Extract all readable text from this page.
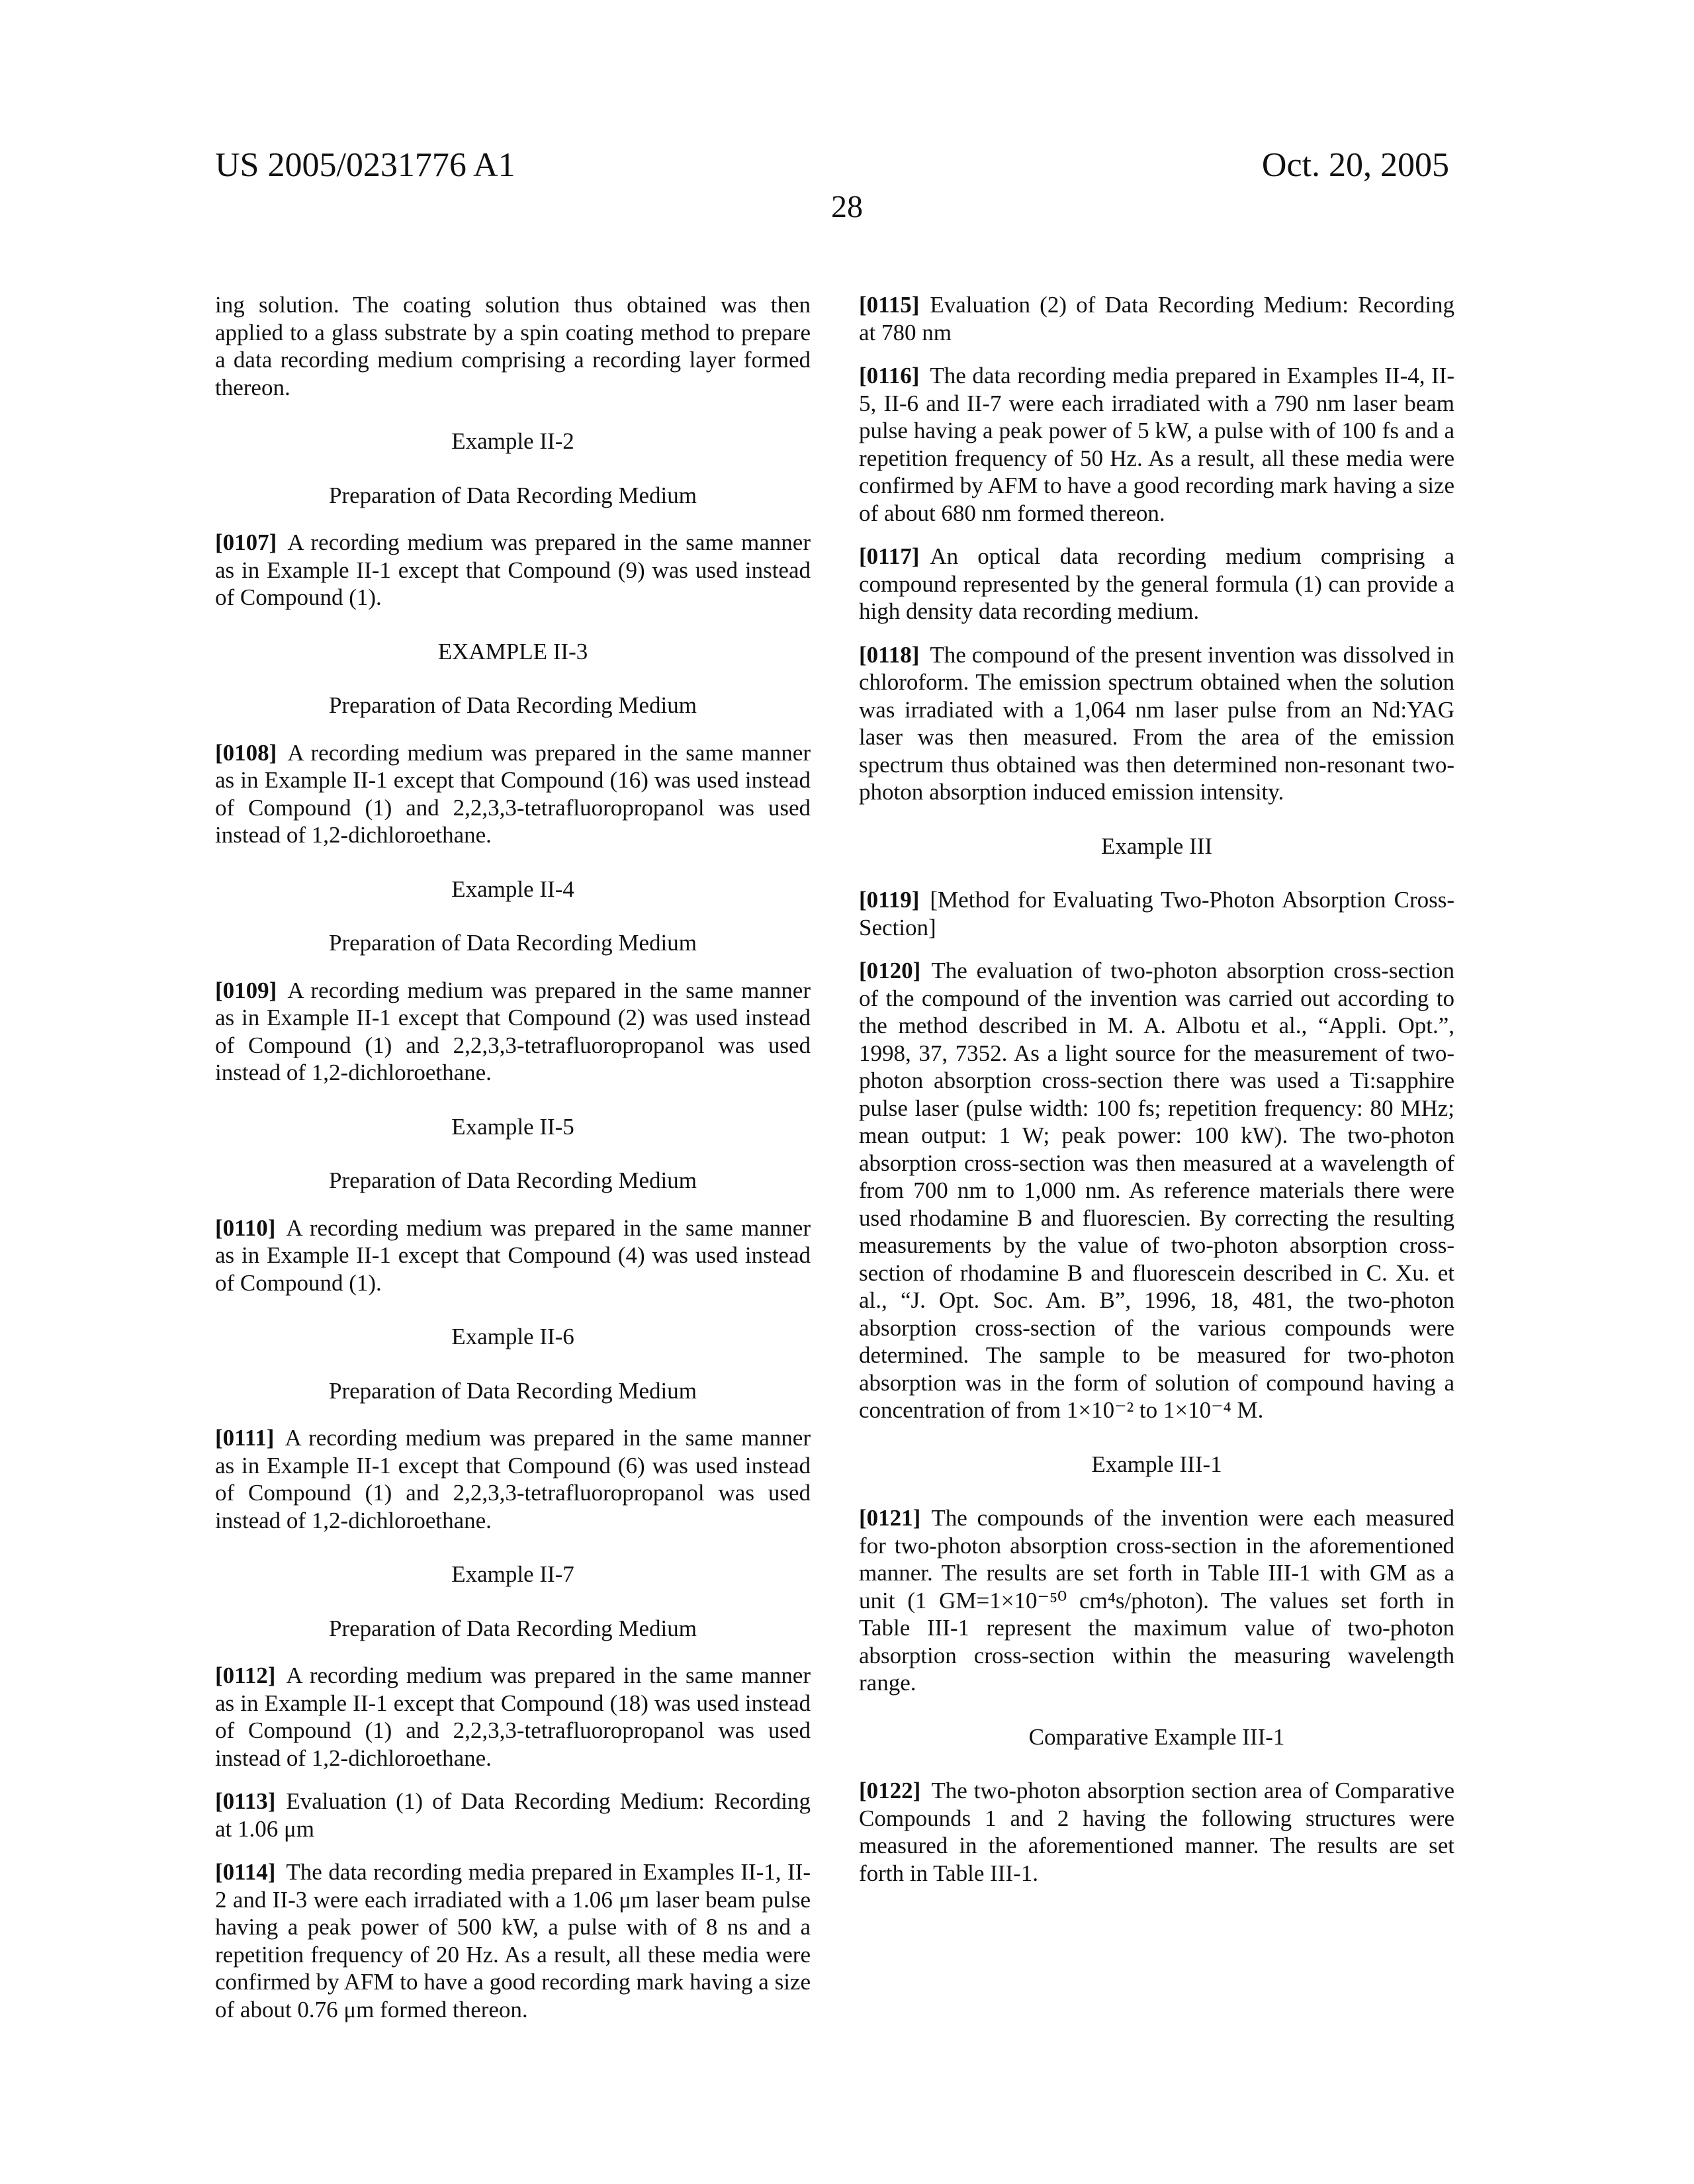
US 2005/0231776 A1	Oct. 20, 2005
28

ing solution. The coating solution thus obtained was then applied to a glass substrate by a spin coating method to prepare a data recording medium comprising a recording layer formed thereon.

Example II-2
Preparation of Data Recording Medium

[0107] A recording medium was prepared in the same manner as in Example II-1 except that Compound (9) was used instead of Compound (1).

EXAMPLE II-3
Preparation of Data Recording Medium

[0108] A recording medium was prepared in the same manner as in Example II-1 except that Compound (16) was used instead of Compound (1) and 2,2,3,3-tetrafluoropropanol was used instead of 1,2-dichloroethane.

Example II-4
Preparation of Data Recording Medium

[0109] A recording medium was prepared in the same manner as in Example II-1 except that Compound (2) was used instead of Compound (1) and 2,2,3,3-tetrafluoropropanol was used instead of 1,2-dichloroethane.

Example II-5
Preparation of Data Recording Medium

[0110] A recording medium was prepared in the same manner as in Example II-1 except that Compound (4) was used instead of Compound (1).

Example II-6
Preparation of Data Recording Medium

[0111] A recording medium was prepared in the same manner as in Example II-1 except that Compound (6) was used instead of Compound (1) and 2,2,3,3-tetrafluoropropanol was used instead of 1,2-dichloroethane.

Example II-7
Preparation of Data Recording Medium

[0112] A recording medium was prepared in the same manner as in Example II-1 except that Compound (18) was used instead of Compound (1) and 2,2,3,3-tetrafluoropropanol was used instead of 1,2-dichloroethane.

[0113] Evaluation (1) of Data Recording Medium: Recording at 1.06 μm

[0114] The data recording media prepared in Examples II-1, II-2 and II-3 were each irradiated with a 1.06 μm laser beam pulse having a peak power of 500 kW, a pulse with of 8 ns and a repetition frequency of 20 Hz. As a result, all these media were confirmed by AFM to have a good recording mark having a size of about 0.76 μm formed thereon.

[0115] Evaluation (2) of Data Recording Medium: Recording at 780 nm

[0116] The data recording media prepared in Examples II-4, II-5, II-6 and II-7 were each irradiated with a 790 nm laser beam pulse having a peak power of 5 kW, a pulse with of 100 fs and a repetition frequency of 50 Hz. As a result, all these media were confirmed by AFM to have a good recording mark having a size of about 680 nm formed thereon.

[0117] An optical data recording medium comprising a compound represented by the general formula (1) can provide a high density data recording medium.

[0118] The compound of the present invention was dissolved in chloroform. The emission spectrum obtained when the solution was irradiated with a 1,064 nm laser pulse from an Nd:YAG laser was then measured. From the area of the emission spectrum thus obtained was then determined non-resonant two-photon absorption induced emission intensity.

Example III

[0119] [Method for Evaluating Two-Photon Absorption Cross-Section]

[0120] The evaluation of two-photon absorption cross-section of the compound of the invention was carried out according to the method described in M. A. Albotu et al., “Appli. Opt.”, 1998, 37, 7352. As a light source for the measurement of two-photon absorption cross-section there was used a Ti:sapphire pulse laser (pulse width: 100 fs; repetition frequency: 80 MHz; mean output: 1 W; peak power: 100 kW). The two-photon absorption cross-section was then measured at a wavelength of from 700 nm to 1,000 nm. As reference materials there were used rhodamine B and fluorescien. By correcting the resulting measurements by the value of two-photon absorption cross-section of rhodamine B and fluorescein described in C. Xu. et al., “J. Opt. Soc. Am. B”, 1996, 18, 481, the two-photon absorption cross-section of the various compounds were determined. The sample to be measured for two-photon absorption was in the form of solution of compound having a concentration of from 1×10⁻² to 1×10⁻⁴ M.

Example III-1

[0121] The compounds of the invention were each measured for two-photon absorption cross-section in the aforementioned manner. The results are set forth in Table III-1 with GM as a unit (1 GM=1×10⁻⁵⁰ cm⁴s/photon). The values set forth in Table III-1 represent the maximum value of two-photon absorption cross-section within the measuring wavelength range.

Comparative Example III-1

[0122] The two-photon absorption section area of Comparative Compounds 1 and 2 having the following structures were measured in the aforementioned manner. The results are set forth in Table III-1.
